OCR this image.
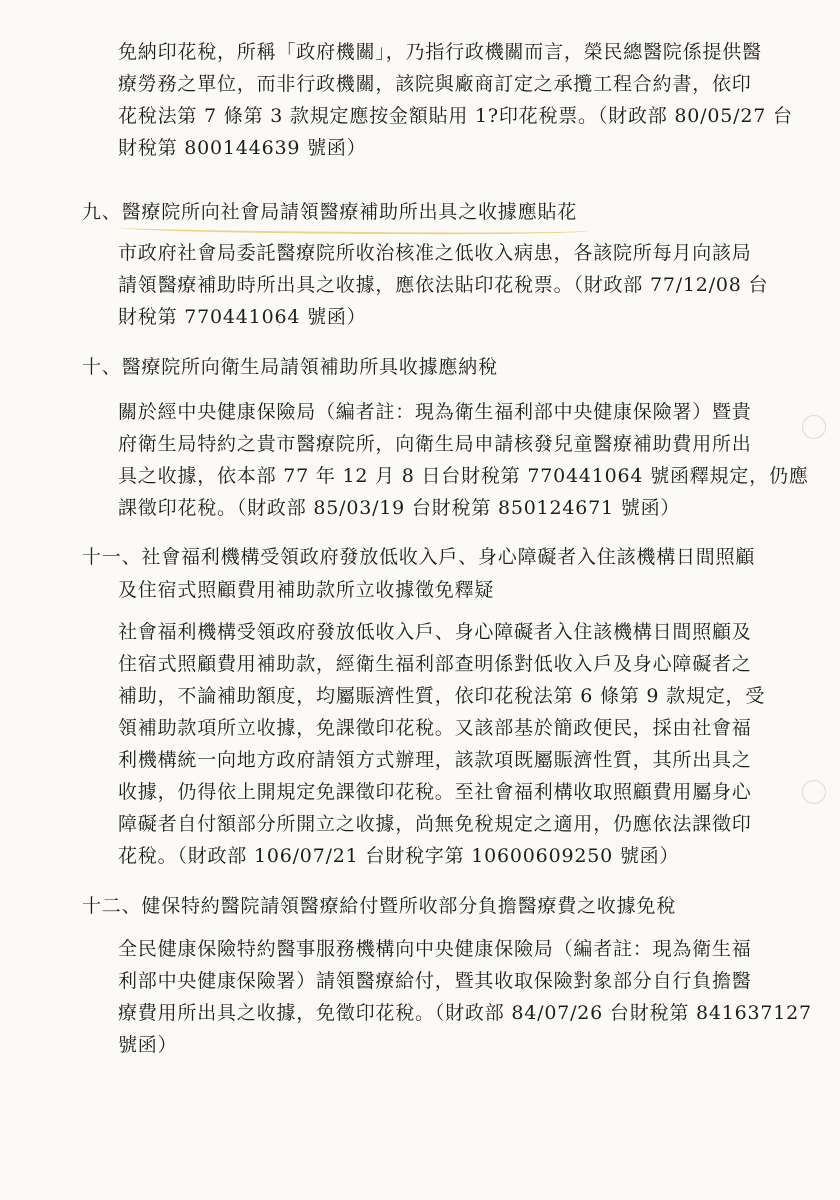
免納印花稅，所稱「政府機關」，乃指行政機關而言，榮民總醫院係提供醫
療勞務之單位，而非行政機關，該院與廠商訂定之承攬工程合約書，依印
花稅法第 7 條第 3 款規定應按金額貼用 1?印花稅票。（財政部 80/05/27 台
財稅第 800144639 號函）
九、醫療院所向社會局請領醫療補助所出具之收據應貼花
市政府社會局委託醫療院所收治核准之低收入病患，各該院所每月向該局
請領醫療補助時所出具之收據，應依法貼印花稅票。（財政部 77/12/08 台
財稅第 770441064 號函）
十、醫療院所向衛生局請領補助所具收據應納稅
關於經中央健康保險局（編者註：現為衛生福利部中央健康保險署）暨貴
府衛生局特約之貴市醫療院所，向衛生局申請核發兒童醫療補助費用所出
具之收據，依本部 77 年 12 月 8 日台財稅第 770441064 號函釋規定，仍應
課徵印花稅。（財政部 85/03/19 台財稅第 850124671 號函）
十一、社會福利機構受領政府發放低收入戶、身心障礙者入住該機構日間照顧
及住宿式照顧費用補助款所立收據徵免釋疑
社會福利機構受領政府發放低收入戶、身心障礙者入住該機構日間照顧及
住宿式照顧費用補助款，經衛生福利部查明係對低收入戶及身心障礙者之
補助，不論補助額度，均屬賑濟性質，依印花稅法第 6 條第 9 款規定，受
領補助款項所立收據，免課徵印花稅。又該部基於簡政便民，採由社會福
利機構統一向地方政府請領方式辦理，該款項既屬賑濟性質，其所出具之
收據，仍得依上開規定免課徵印花稅。至社會福利構收取照顧費用屬身心
障礙者自付額部分所開立之收據，尚無免稅規定之適用，仍應依法課徵印
花稅。（財政部 106/07/21 台財稅字第 10600609250 號函）
十二、健保特約醫院請領醫療給付暨所收部分負擔醫療費之收據免稅
全民健康保險特約醫事服務機構向中央健康保險局（編者註：現為衛生福
利部中央健康保險署）請領醫療給付，暨其收取保險對象部分自行負擔醫
療費用所出具之收據，免徵印花稅。（財政部 84/07/26 台財稅第 841637127
號函）
